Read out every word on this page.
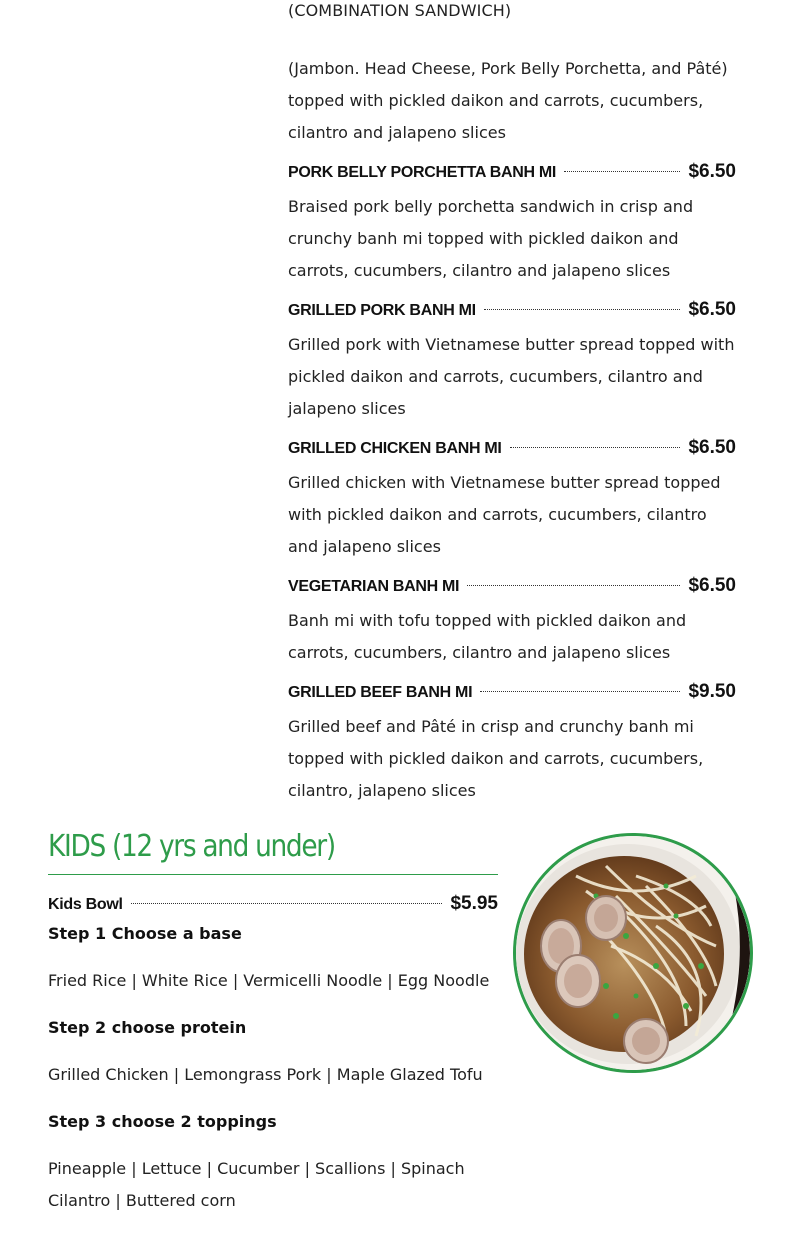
(COMBINATION SANDWICH)

(Jambon. Head Cheese, Pork Belly Porchetta, and Pâté) topped with pickled daikon and carrots, cucumbers, cilantro and jalapeno slices

PORK BELLY PORCHETTA BANH MI	$6.50

Braised pork belly porchetta sandwich in crisp and crunchy banh mi topped with pickled daikon and carrots, cucumbers, cilantro and jalapeno slices

GRILLED PORK BANH MI	$6.50

Grilled pork with Vietnamese butter spread topped with pickled daikon and carrots, cucumbers, cilantro and jalapeno slices

GRILLED CHICKEN BANH MI	$6.50

Grilled chicken with Vietnamese butter spread topped with pickled daikon and carrots, cucumbers, cilantro and jalapeno slices

VEGETARIAN BANH MI	$6.50

Banh mi with tofu topped with pickled daikon and carrots, cucumbers, cilantro and jalapeno slices

GRILLED BEEF BANH MI	$9.50

Grilled beef and Pâté in crisp and crunchy banh mi topped with pickled daikon and carrots, cucumbers, cilantro, jalapeno slices

KIDS (12 yrs and under)
Kids Bowl	$5.95

Step 1 Choose a base

Fried Rice | White Rice | Vermicelli Noodle | Egg Noodle

Step 2 choose protein

Grilled Chicken | Lemongrass Pork | Maple Glazed Tofu

Step 3 choose 2 toppings

Pineapple | Lettuce | Cucumber | Scallions | Spinach
Cilantro | Buttered corn
